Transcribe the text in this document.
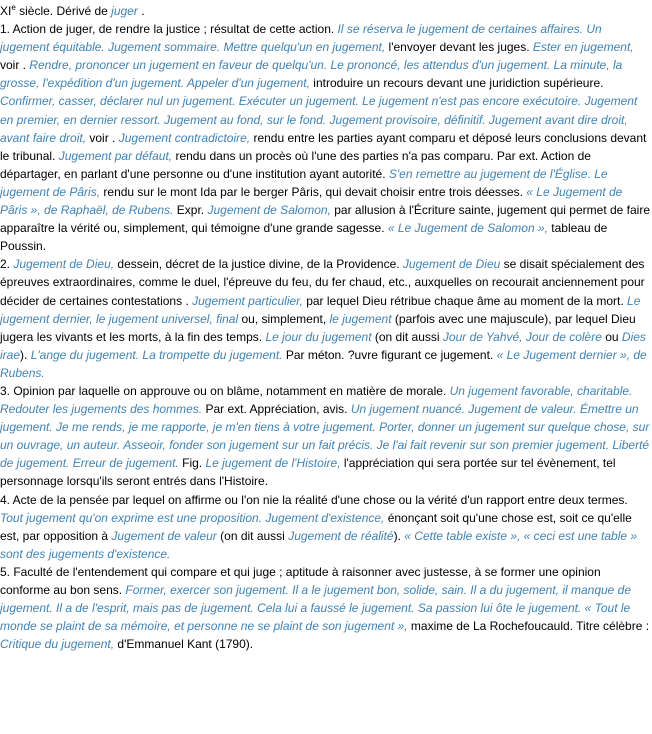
XIe siècle. Dérivé de juger .

1. Action de juger, de rendre la justice ; résultat de cette action. Il se réserva le jugement de certaines affaires. Un jugement équitable. Jugement sommaire. Mettre quelqu'un en jugement, l'envoyer devant les juges. Ester en jugement, voir . Rendre, prononcer un jugement en faveur de quelqu'un. Le prononcé, les attendus d'un jugement. La minute, la grosse, l'expédition d'un jugement. Appeler d'un jugement, introduire un recours devant une juridiction supérieure. Confirmer, casser, déclarer nul un jugement. Exécuter un jugement. Le jugement n'est pas encore exécutoire. Jugement en premier, en dernier ressort. Jugement au fond, sur le fond. Jugement provisoire, définitif. Jugement avant dire droit, avant faire droit, voir . Jugement contradictoire, rendu entre les parties ayant comparu et déposé leurs conclusions devant le tribunal. Jugement par défaut, rendu dans un procès où l'une des parties n'a pas comparu. Par ext. Action de départager, en parlant d'une personne ou d'une institution ayant autorité. S'en remettre au jugement de l'Église. Le jugement de Pâris, rendu sur le mont Ida par le berger Pâris, qui devait choisir entre trois déesses. « Le Jugement de Pâris », de Raphaël, de Rubens. Expr. Jugement de Salomon, par allusion à l'Écriture sainte, jugement qui permet de faire apparaître la vérité ou, simplement, qui témoigne d'une grande sagesse. « Le Jugement de Salomon », tableau de Poussin.

2. Jugement de Dieu, dessein, décret de la justice divine, de la Providence. Jugement de Dieu se disait spécialement des épreuves extraordinaires, comme le duel, l'épreuve du feu, du fer chaud, etc., auxquelles on recourait anciennement pour décider de certaines contestations . Jugement particulier, par lequel Dieu rétribue chaque âme au moment de la mort. Le jugement dernier, le jugement universel, final ou, simplement, le jugement (parfois avec une majuscule), par lequel Dieu jugera les vivants et les morts, à la fin des temps. Le jour du jugement (on dit aussi Jour de Yahvé, Jour de colère ou Dies irae). L'ange du jugement. La trompette du jugement. Par méton. ?uvre figurant ce jugement. « Le Jugement dernier », de Rubens.

3. Opinion par laquelle on approuve ou on blâme, notamment en matière de morale. Un jugement favorable, charitable. Redouter les jugements des hommes. Par ext. Appréciation, avis. Un jugement nuancé. Jugement de valeur. Émettre un jugement. Je me rends, je me rapporte, je m'en tiens à votre jugement. Porter, donner un jugement sur quelque chose, sur un ouvrage, un auteur. Asseoir, fonder son jugement sur un fait précis. Je l'ai fait revenir sur son premier jugement. Liberté de jugement. Erreur de jugement. Fig. Le jugement de l'Histoire, l'appréciation qui sera portée sur tel évènement, tel personnage lorsqu'ils seront entrés dans l'Histoire.

4. Acte de la pensée par lequel on affirme ou l'on nie la réalité d'une chose ou la vérité d'un rapport entre deux termes. Tout jugement qu'on exprime est une proposition. Jugement d'existence, énonçant soit qu'une chose est, soit ce qu'elle est, par opposition à Jugement de valeur (on dit aussi Jugement de réalité). « Cette table existe », « ceci est une table » sont des jugements d'existence.

5. Faculté de l'entendement qui compare et qui juge ; aptitude à raisonner avec justesse, à se former une opinion conforme au bon sens. Former, exercer son jugement. Il a le jugement bon, solide, sain. Il a du jugement, il manque de jugement. Il a de l'esprit, mais pas de jugement. Cela lui a faussé le jugement. Sa passion lui ôte le jugement. « Tout le monde se plaint de sa mémoire, et personne ne se plaint de son jugement », maxime de La Rochefoucauld. Titre célèbre : Critique du jugement, d'Emmanuel Kant (1790).
